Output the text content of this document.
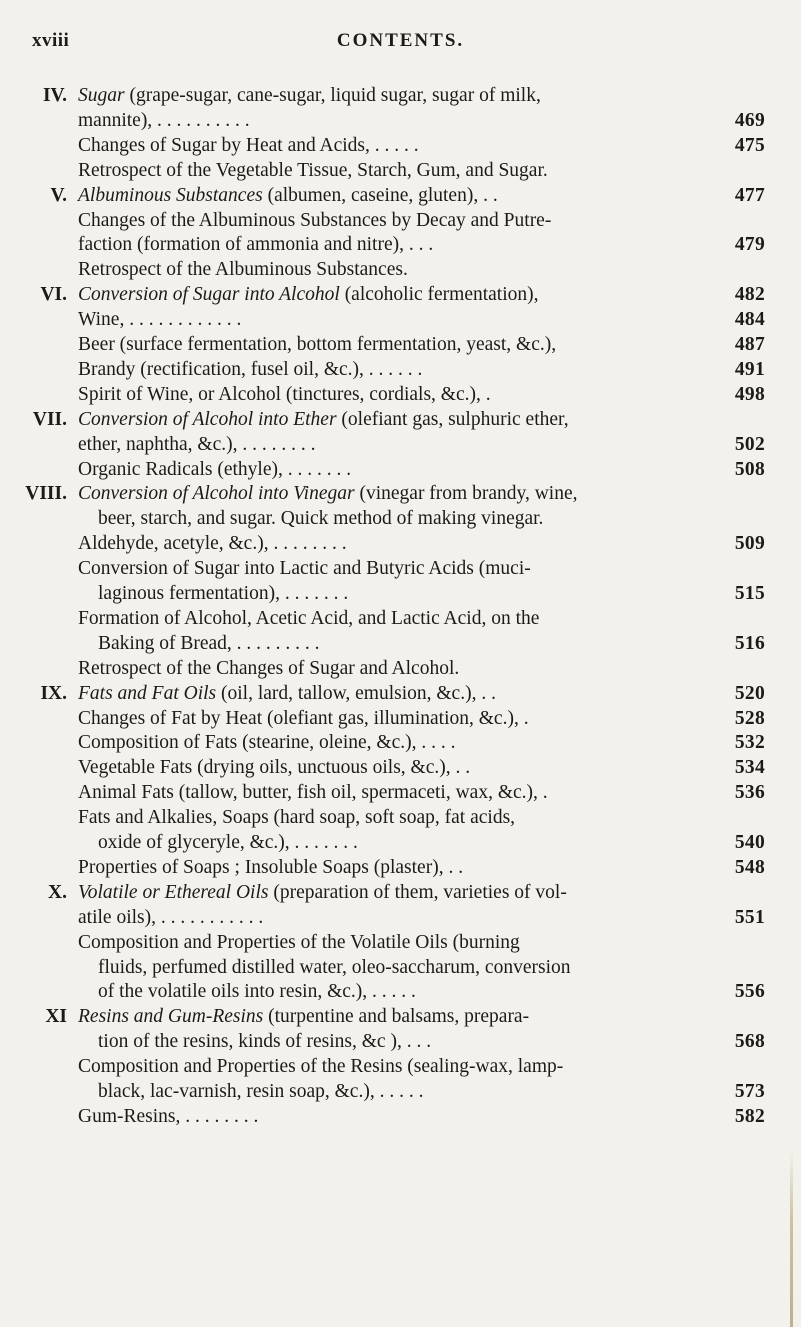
xviii	CONTENTS.
IV. Sugar (grape-sugar, cane-sugar, liquid sugar, sugar of milk,
mannite), . . . . . . . . . .	469
Changes of Sugar by Heat and Acids, . . . . .	475
Retrospect of the Vegetable Tissue, Starch, Gum, and Sugar.
V. Albuminous Substances (albumen, caseine, gluten), . .	477
Changes of the Albuminous Substances by Decay and Putre-
faction (formation of ammonia and nitre), . . .	479
Retrospect of the Albuminous Substances.
VI. Conversion of Sugar into Alcohol (alcoholic fermentation),	482
Wine, . . . . . . . . . . . .	484
Beer (surface fermentation, bottom fermentation, yeast, &c.),	487
Brandy (rectification, fusel oil, &c.), . . . . . .	491
Spirit of Wine, or Alcohol (tinctures, cordials, &c.), .	498
VII. Conversion of Alcohol into Ether (olefiant gas, sulphuric ether,
ether, naphtha, &c.), . . . . . . . .	502
Organic Radicals (ethyle), . . . . . . .	508
VIII. Conversion of Alcohol into Vinegar (vinegar from brandy, wine,
beer, starch, and sugar. Quick method of making vinegar.
Aldehyde, acetyle, &c.), . . . . . . . .	509
Conversion of Sugar into Lactic and Butyric Acids (muci-
laginous fermentation), . . . . . . .	515
Formation of Alcohol, Acetic Acid, and Lactic Acid, on the
Baking of Bread, . . . . . . . . .	516
Retrospect of the Changes of Sugar and Alcohol.
IX. Fats and Fat Oils (oil, lard, tallow, emulsion, &c.), . .	520
Changes of Fat by Heat (olefiant gas, illumination, &c.), .	528
Composition of Fats (stearine, oleine, &c.), . . . .	532
Vegetable Fats (drying oils, unctuous oils, &c.), . .	534
Animal Fats (tallow, butter, fish oil, spermaceti, wax, &c.), .	536
Fats and Alkalies, Soaps (hard soap, soft soap, fat acids,
oxide of glyceryle, &c.), . . . . . . .	540
Properties of Soaps ; Insoluble Soaps (plaster), . .	548
X. Volatile or Ethereal Oils (preparation of them, varieties of vol-
atile oils), . . . . . . . . . . .	551
Composition and Properties of the Volatile Oils (burning
fluids, perfumed distilled water, oleo-saccharum, conversion
of the volatile oils into resin, &c.), . . . . .	556
XI Resins and Gum-Resins (turpentine and balsams, prepara-
tion of the resins, kinds of resins, &c ), . . .	568
Composition and Properties of the Resins (sealing-wax, lamp-
black, lac-varnish, resin soap, &c.), . . . . .	573
Gum-Resins, . . . . . . . .	582
